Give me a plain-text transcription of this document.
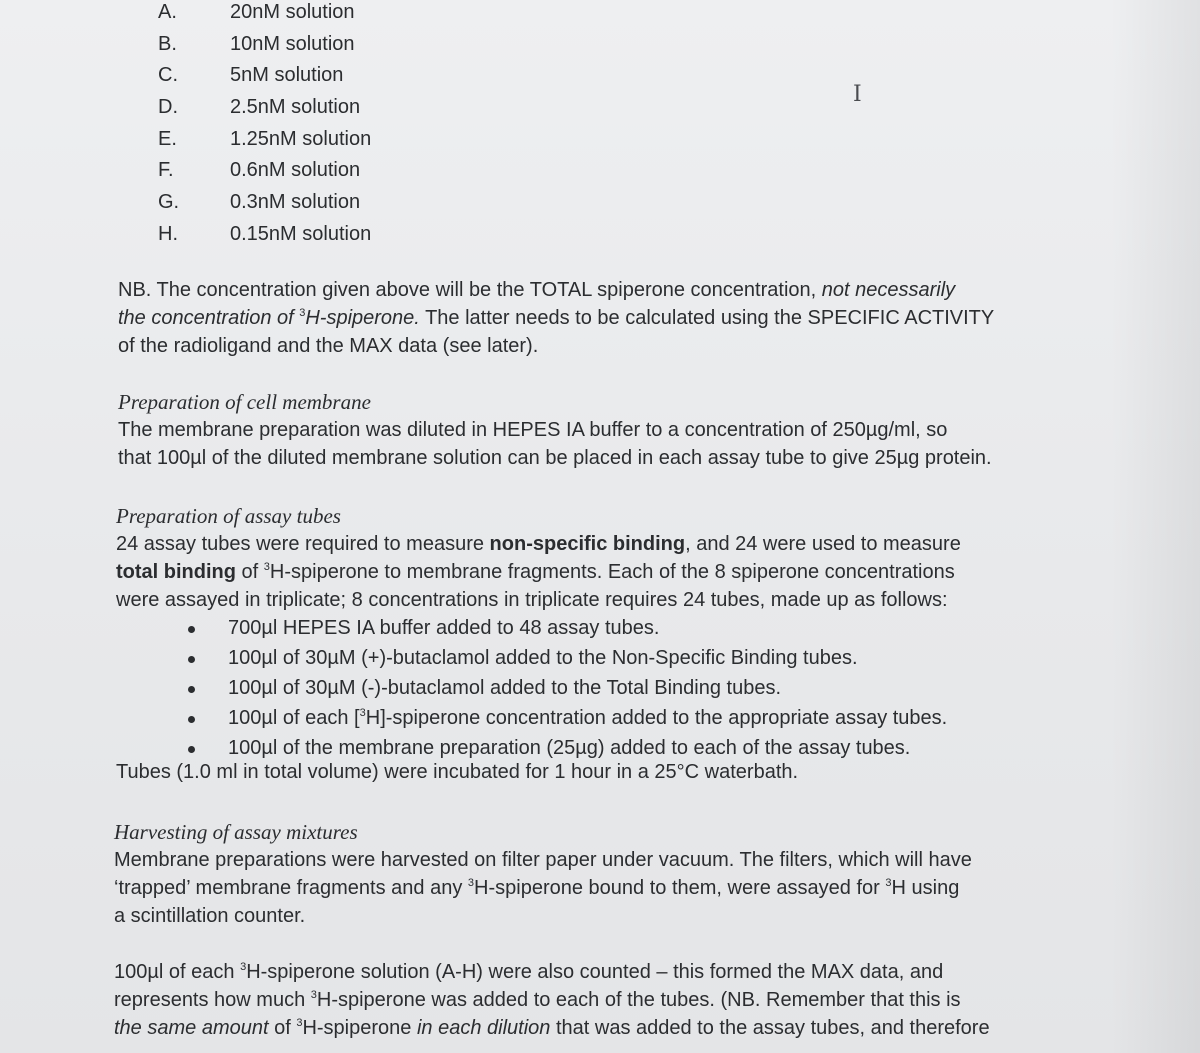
A.	20nM solution
B.	10nM solution
C.	5nM solution
D.	2.5nM solution
E.	1.25nM solution
F.	0.6nM solution
G.	0.3nM solution
H.	0.15nM solution
I
NB. The concentration given above will be the TOTAL spiperone concentration, not necessarily
the concentration of $^3$H-spiperone. The latter needs to be calculated using the SPECIFIC ACTIVITY
of the radioligand and the MAX data (see later).
Preparation of cell membrane
The membrane preparation was diluted in HEPES IA buffer to a concentration of 250µg/ml, so
that 100µl of the diluted membrane solution can be placed in each assay tube to give 25µg protein.
Preparation of assay tubes
24 assay tubes were required to measure non-specific binding, and 24 were used to measure
total binding of $^3$H-spiperone to membrane fragments. Each of the 8 spiperone concentrations
were assayed in triplicate; 8 concentrations in triplicate requires 24 tubes, made up as follows:
700µl HEPES IA buffer added to 48 assay tubes.
100µl of 30µM (+)-butaclamol added to the Non-Specific Binding tubes.
100µl of 30µM (-)-butaclamol added to the Total Binding tubes.
100µl of each [$^3$H]-spiperone concentration added to the appropriate assay tubes.
100µl of the membrane preparation (25µg) added to each of the assay tubes.
Tubes (1.0 ml in total volume) were incubated for 1 hour in a 25°C waterbath.
Harvesting of assay mixtures
Membrane preparations were harvested on filter paper under vacuum. The filters, which will have
‘trapped’ membrane fragments and any $^3$H-spiperone bound to them, were assayed for $^3$H using
a scintillation counter.
100µl of each $^3$H-spiperone solution (A-H) were also counted – this formed the MAX data, and
represents how much $^3$H-spiperone was added to each of the tubes. (NB. Remember that this is
the same amount of $^3$H-spiperone in each dilution that was added to the assay tubes, and therefore
